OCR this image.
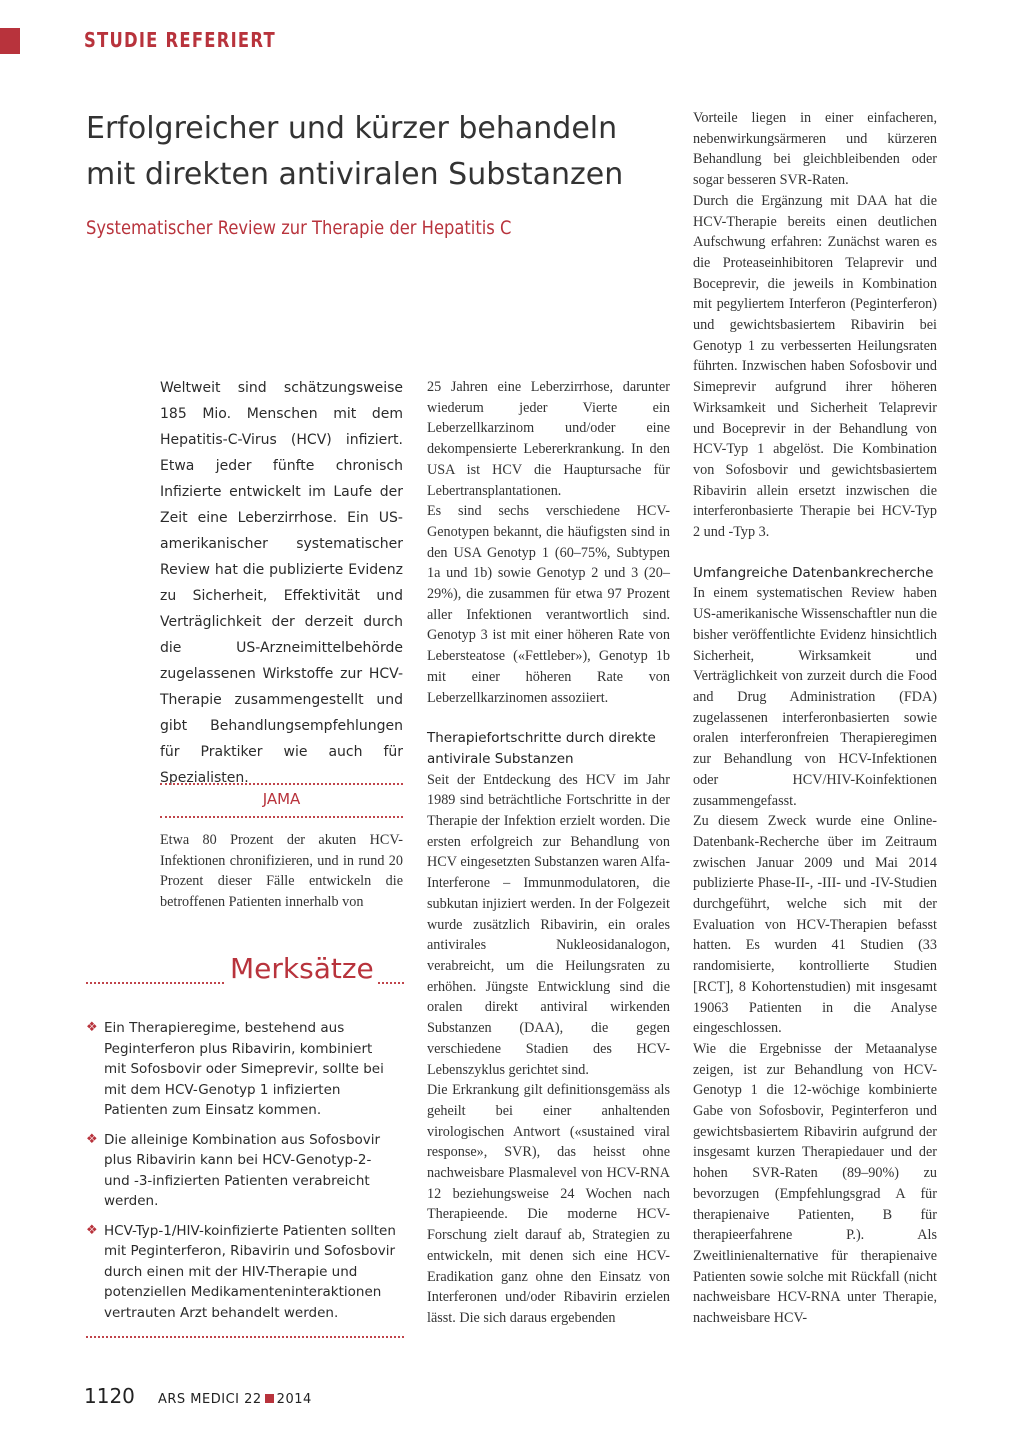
STUDIE REFERIERT
Erfolgreicher und kürzer behandeln
mit direkten antiviralen Substanzen
Systematischer Review zur Therapie der Hepatitis C
Weltweit sind schätzungsweise 185 Mio. Menschen mit dem Hepatitis-C-Virus (HCV) infiziert. Etwa jeder fünfte chronisch Infizierte entwickelt im Laufe der Zeit eine Leberzirrhose. Ein US-amerikanischer systematischer Review hat die publizierte Evidenz zu Sicherheit, Effektivität und Verträglichkeit der derzeit durch die US-Arzneimittelbehörde zugelassenen Wirkstoffe zur HCV-Therapie zusammengestellt und gibt Behandlungsempfehlungen für Praktiker wie auch für Spezialisten.
JAMA

Etwa 80 Prozent der akuten HCV-Infektionen chronifizieren, und in rund 20 Prozent dieser Fälle entwickeln die betroffenen Patienten innerhalb von

Merksätze
❖ Ein Therapieregime, bestehend aus Peginterferon plus Ribavirin, kombiniert mit Sofosbovir oder Simeprevir, sollte bei mit dem HCV-Genotyp 1 infizierten Patienten zum Einsatz kommen.
❖ Die alleinige Kombination aus Sofosbovir plus Ribavirin kann bei HCV-Genotyp-2- und -3-infizierten Patienten verabreicht werden.
❖ HCV-Typ-1/HIV-koinfizierte Patienten sollten mit Peginterferon, Ribavirin und Sofosbovir durch einen mit der HIV-Therapie und potenziellen Medikamenteninteraktionen vertrauten Arzt behandelt werden.

25 Jahren eine Leberzirrhose, darunter wiederum jeder Vierte ein Leberzellkarzinom und/oder eine dekompensierte Lebererkrankung. In den USA ist HCV die Hauptursache für Lebertransplantationen.

Es sind sechs verschiedene HCV-Genotypen bekannt, die häufigsten sind in den USA Genotyp 1 (60–75%, Subtypen 1a und 1b) sowie Genotyp 2 und 3 (20–29%), die zusammen für etwa 97 Prozent aller Infektionen verantwortlich sind. Genotyp 3 ist mit einer höheren Rate von Lebersteatose («Fettleber»), Genotyp 1b mit einer höheren Rate von Leberzellkarzinomen assoziiert.

Therapiefortschritte durch direkte antivirale Substanzen

Seit der Entdeckung des HCV im Jahr 1989 sind beträchtliche Fortschritte in der Therapie der Infektion erzielt worden. Die ersten erfolgreich zur Behandlung von HCV eingesetzten Substanzen waren Alfa-Interferone – Immunmodulatoren, die subkutan injiziert werden. In der Folgezeit wurde zusätzlich Ribavirin, ein orales antivirales Nukleosidanalogon, verabreicht, um die Heilungsraten zu erhöhen. Jüngste Entwicklung sind die oralen direkt antiviral wirkenden Substanzen (DAA), die gegen verschiedene Stadien des HCV-Lebenszyklus gerichtet sind.

Die Erkrankung gilt definitionsgemäss als geheilt bei einer anhaltenden virologischen Antwort («sustained viral response», SVR), das heisst ohne nachweisbare Plasmalevel von HCV-RNA 12 beziehungsweise 24 Wochen nach Therapieende. Die moderne HCV-Forschung zielt darauf ab, Strategien zu entwickeln, mit denen sich eine HCV-Eradikation ganz ohne den Einsatz von Interferonen und/oder Ribavirin erzielen lässt. Die sich daraus ergebenden

Vorteile liegen in einer einfacheren, nebenwirkungsärmeren und kürzeren Behandlung bei gleichbleibenden oder sogar besseren SVR-Raten.

Durch die Ergänzung mit DAA hat die HCV-Therapie bereits einen deutlichen Aufschwung erfahren: Zunächst waren es die Proteaseinhibitoren Telaprevir und Boceprevir, die jeweils in Kombination mit pegyliertem Interferon (Peginterferon) und gewichtsbasiertem Ribavirin bei Genotyp 1 zu verbesserten Heilungsraten führten. Inzwischen haben Sofosbovir und Simeprevir aufgrund ihrer höheren Wirksamkeit und Sicherheit Telaprevir und Boceprevir in der Behandlung von HCV-Typ 1 abgelöst. Die Kombination von Sofosbovir und gewichtsbasiertem Ribavirin allein ersetzt inzwischen die interferonbasierte Therapie bei HCV-Typ 2 und -Typ 3.

Umfangreiche Datenbankrecherche

In einem systematischen Review haben US-amerikanische Wissenschaftler nun die bisher veröffentlichte Evidenz hinsichtlich Sicherheit, Wirksamkeit und Verträglichkeit von zurzeit durch die Food and Drug Administration (FDA) zugelassenen interferonbasierten sowie oralen interferonfreien Therapieregimen zur Behandlung von HCV-Infektionen oder HCV/HIV-Koinfektionen zusammengefasst.

Zu diesem Zweck wurde eine Online-Datenbank-Recherche über im Zeitraum zwischen Januar 2009 und Mai 2014 publizierte Phase-II-, -III- und -IV-Studien durchgeführt, welche sich mit der Evaluation von HCV-Therapien befasst hatten. Es wurden 41 Studien (33 randomisierte, kontrollierte Studien [RCT], 8 Kohortenstudien) mit insgesamt 19063 Patienten in die Analyse eingeschlossen.

Wie die Ergebnisse der Metaanalyse zeigen, ist zur Behandlung von HCV-Genotyp 1 die 12-wöchige kombinierte Gabe von Sofosbovir, Peginterferon und gewichtsbasiertem Ribavirin aufgrund der insgesamt kurzen Therapiedauer und der hohen SVR-Raten (89–90%) zu bevorzugen (Empfehlungsgrad A für therapienaive Patienten, B für therapieerfahrene P.). Als Zweitlinienalternative für therapienaive Patienten sowie solche mit Rückfall (nicht nachweisbare HCV-RNA unter Therapie, nachweisbare HCV-

1120 ARS MEDICI 22 2014
